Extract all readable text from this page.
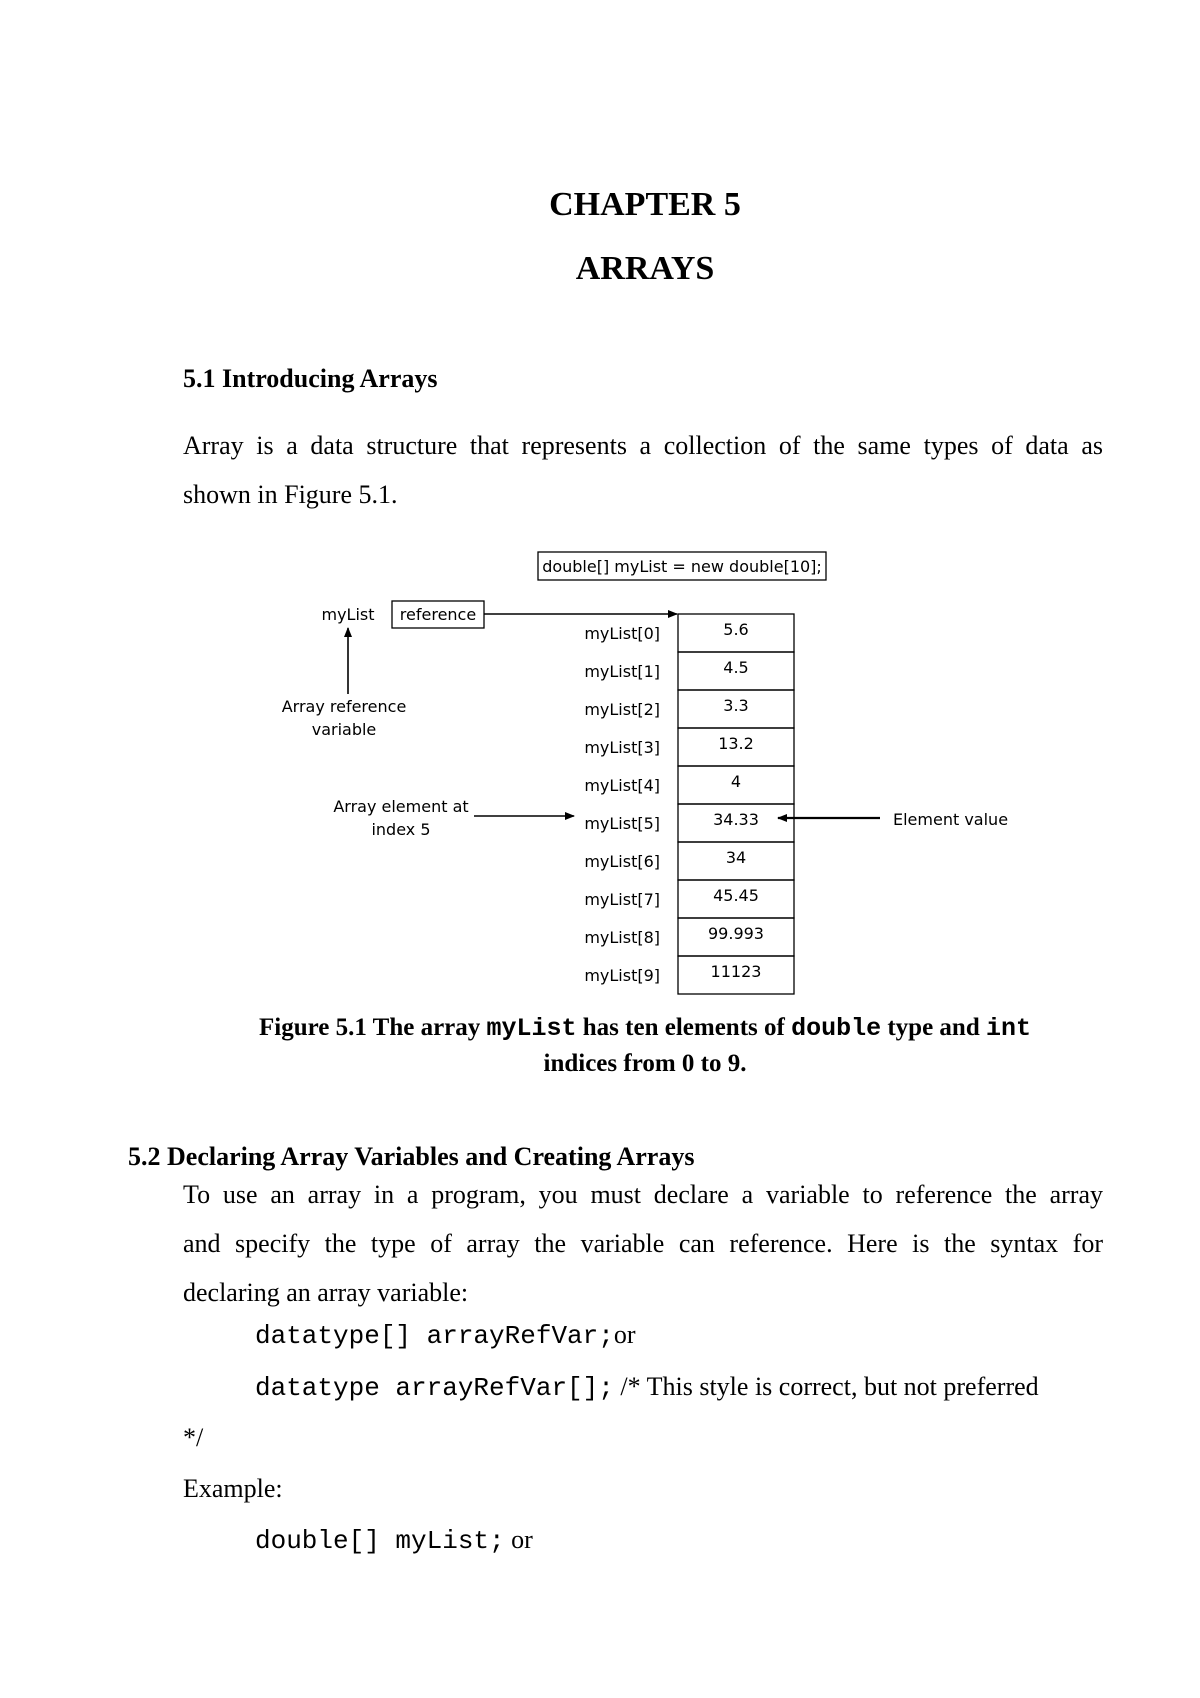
CHAPTER 5
ARRAYS
5.1 Introducing Arrays
Array is a data structure that represents a collection of the same types of data as
shown in Figure 5.1.
double[] myList = new double[10];
myList reference
Array reference
variable
Array element at
index 5
Element value
5.6
myList[0]
4.5
myList[1]
3.3
myList[2]
13.2
myList[3]
4
myList[4]
34.33
myList[5]
34
myList[6]
45.45
myList[7]
99.993
myList[8]
11123
myList[9]
Figure 5.1 The array myList has ten elements of double type and int
indices from 0 to 9.
5.2 Declaring Array Variables and Creating Arrays
To use an array in a program, you must declare a variable to reference the array
and specify the type of array the variable can reference. Here is the syntax for
declaring an array variable:
datatype[] arrayRefVar;or
datatype arrayRefVar[]; /* This style is correct, but not preferred
*/
Example:
double[] myList; or
